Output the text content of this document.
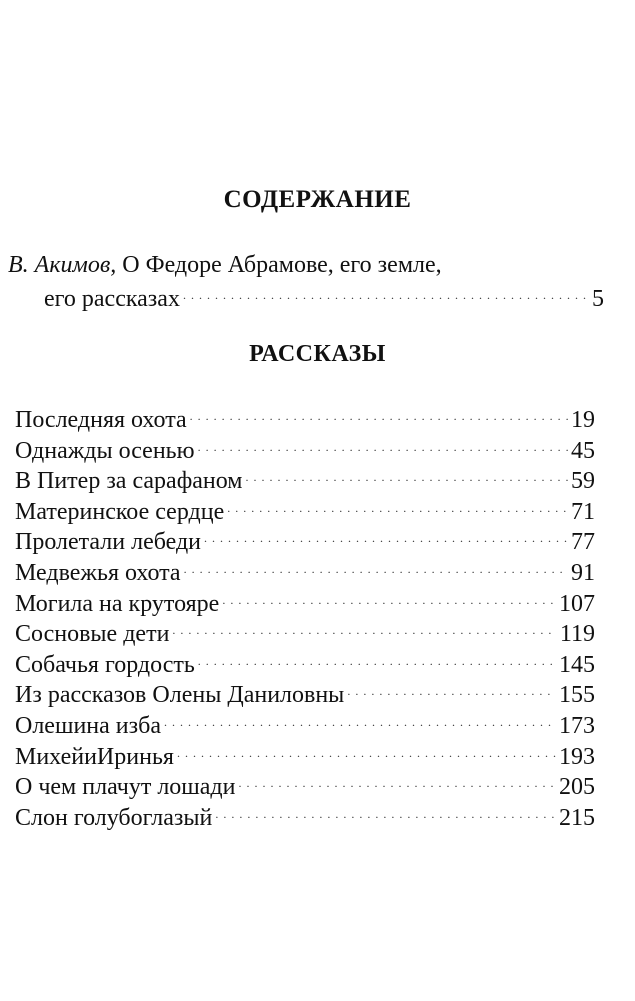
СОДЕРЖАНИЕ
В. Акимов, О Федоре Абрамове, его земле,
его рассказах . . .	5
РАССКАЗЫ
Последняя охота . . .	19
Однажды осенью . . .	45
В Питер за сарафаном . . .	59
Материнское сердце . . .	71
Пролетали лебеди . . .	77
Медвежья охота . . .	91
Могила на крутояре . . .	107
Сосновые дети . . .	119
Собачья гордость . . .	145
Из рассказов Олены Даниловны . . .	155
Олешина изба . . .	173
МихейиИринья . . .	193
О чем плачут лошади . . .	205
Слон голубоглазый . . .	215
